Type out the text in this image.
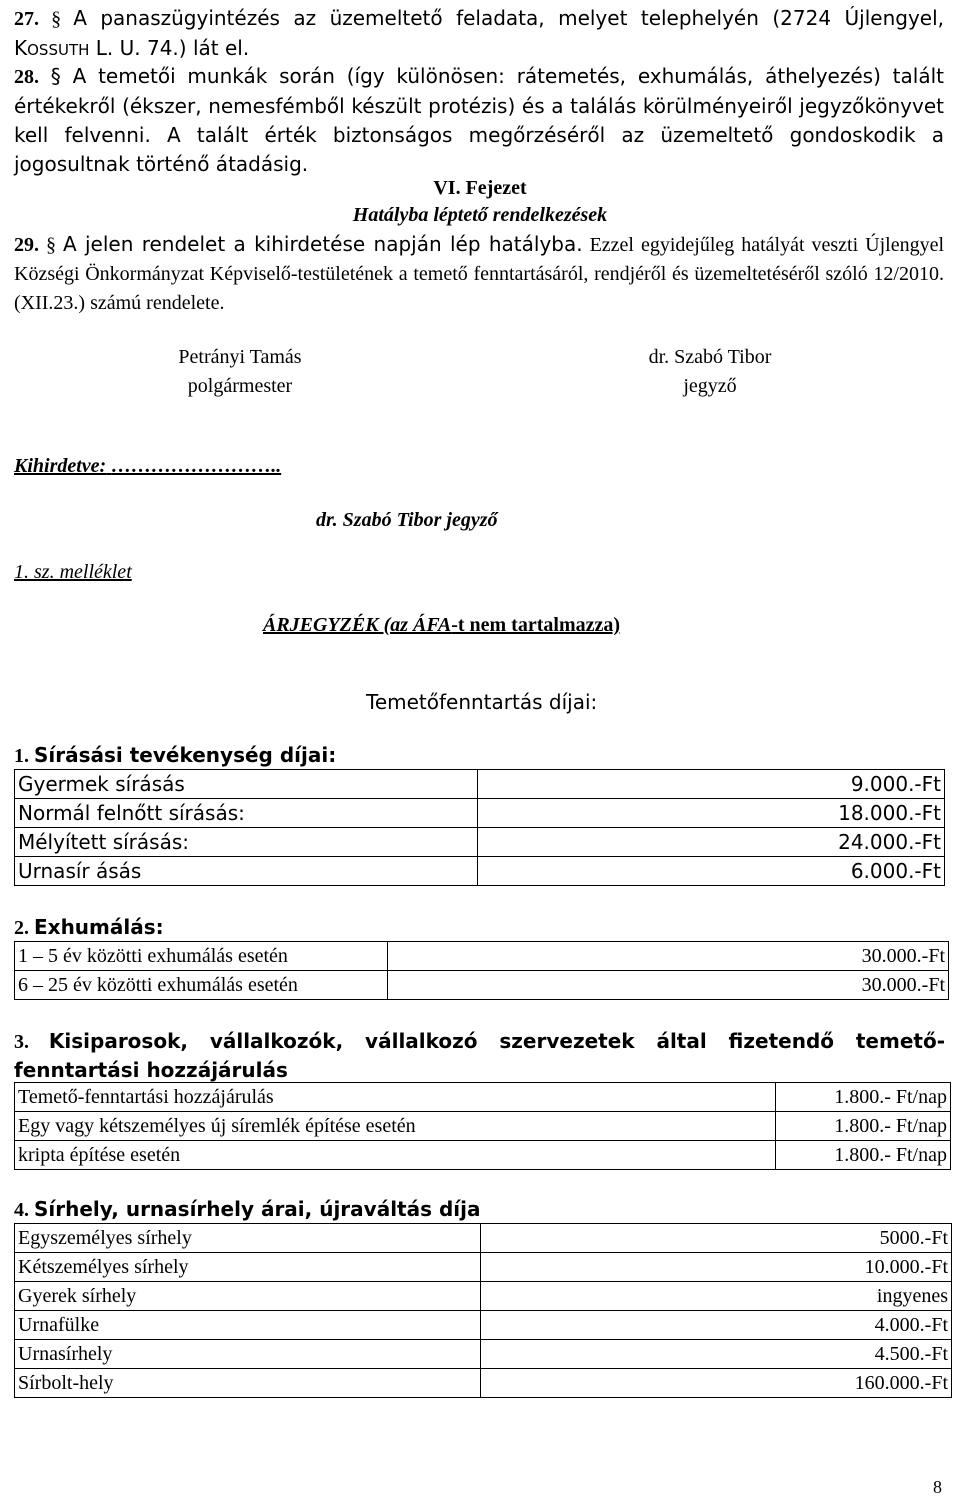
27. § A panaszügyintézés az üzemeltető feladata, melyet telephelyén (2724 Újlengyel, KOSSUTH L. U. 74.) lát el.
28. § A temetői munkák során (így különösen: rátemetés, exhumálás, áthelyezés) talált értékekről (ékszer, nemesfémből készült protézis) és a találás körülményeiről jegyzőkönyvet kell felvenni. A talált érték biztonságos megőrzéséről az üzemeltető gondoskodik a jogosultnak történő átadásig.
VI. Fejezet
Hatályba léptető rendelkezések
29. § A jelen rendelet a kihirdetése napján lép hatályba. Ezzel egyidejűleg hatályát veszti Újlengyel Községi Önkormányzat Képviselő-testületének a temető fenntartásáról, rendjéről és üzemeltetéséről szóló 12/2010.(XII.23.) számú rendelete.
Petrányi Tamás
polgármester
dr. Szabó Tibor
jegyző
Kihirdetve: ……………………..
dr. Szabó Tibor jegyző
1. sz. melléklet
ÁRJEGYZÉK (az ÁFA-t nem tartalmazza)
Temetőfenntartás díjai:
1. Sírásási tevékenység díjai:
Gyermek sírásás	9.000.-Ft
Normál felnőtt sírásás:	18.000.-Ft
Mélyített sírásás:	24.000.-Ft
Urnasír ásás	6.000.-Ft
2. Exhumálás:
1 – 5 év közötti exhumálás esetén	30.000.-Ft
6 – 25 év közötti exhumálás esetén	30.000.-Ft
3. Kisiparosok, vállalkozók, vállalkozó szervezetek által fizetendő temető-fenntartási hozzájárulás
Temető-fenntartási hozzájárulás	1.800.- Ft/nap
Egy vagy kétszemélyes új síremlék építése esetén	1.800.- Ft/nap
kripta építése esetén	1.800.- Ft/nap
4. Sírhely, urnasírhely árai, újraváltás díja
Egyszemélyes sírhely	5000.-Ft
Kétszemélyes sírhely	10.000.-Ft
Gyerek sírhely	ingyenes
Urnafülke	4.000.-Ft
Urnasírhely	4.500.-Ft
Sírbolt-hely	160.000.-Ft
8
